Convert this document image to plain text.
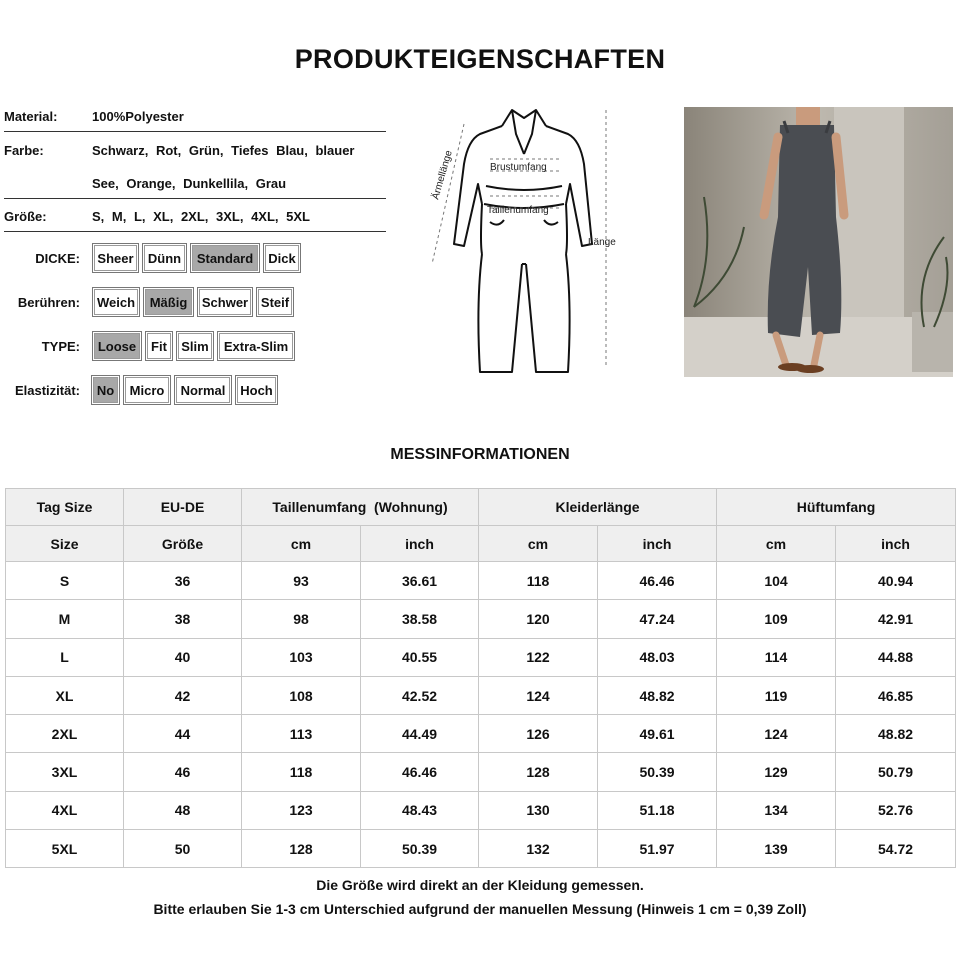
PRODUKTEIGENSCHAFTEN
Material:	100%Polyester
Farbe:	Schwarz, Rot, Grün, Tiefes Blau, blauer
See, Orange, Dunkellila, Grau
Größe:	S, M, L, XL, 2XL, 3XL, 4XL, 5XL
DICKE:	Sheer	Dünn	Standard	Dick
Berühren:	Weich	Mäßig	Schwer Steif
TYPE:	Loose	Fit	Slim	Extra-Slim
Elastizität:	No	Micro	Normal	Hoch
Brustumfang
Taillenumfang
Länge
Ärmellänge
MESSINFORMATIONEN
Tag Size	EU-DE	Taillenumfang  (Wohnung)		Kleiderlänge		Hüftumfang	
Size	Größe	cm	inch	cm	inch	cm	inch
S	36	93	36.61	118	46.46	104	40.94
M	38	98	38.58	120	47.24	109	42.91
L	40	103	40.55	122	48.03	114	44.88
XL	42	108	42.52	124	48.82	119	46.85
2XL	44	113	44.49	126	49.61	124	48.82
3XL	46	118	46.46	128	50.39	129	50.79
4XL	48	123	48.43	130	51.18	134	52.76
5XL	50	128	50.39	132	51.97	139	54.72
Die Größe wird direkt an der Kleidung gemessen.
Bitte erlauben Sie 1-3 cm Unterschied aufgrund der manuellen Messung (Hinweis 1 cm = 0,39 Zoll)
